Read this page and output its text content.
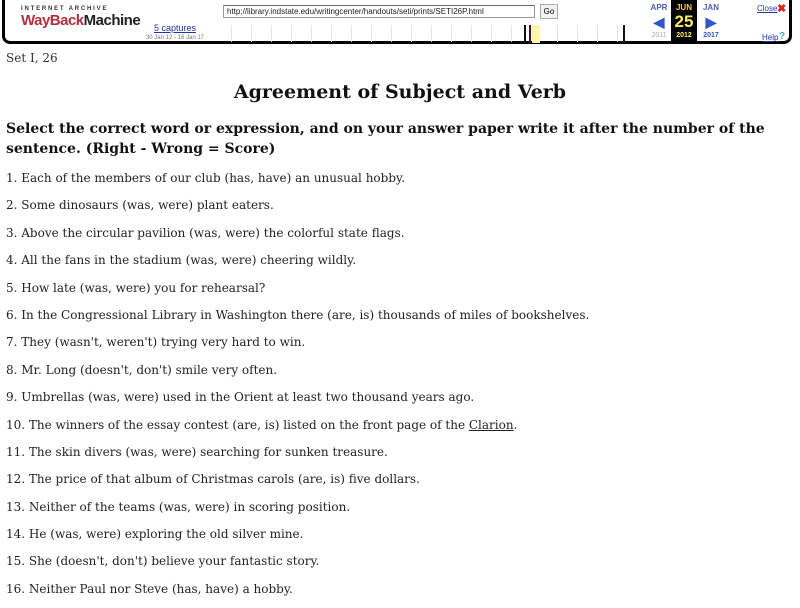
INTERNET ARCHIVE
WayBackMachine	5 captures
30 Jan 12 - 16 Jan 17
http://library.indstate.edu/writingcenter/handouts/seti/prints/SETI26P.html
Go	APR
◀
2011
JUN
25
2012
JAN
▶
2017
Close ✖
Help ?
Set I, 26
Agreement of Subject and Verb

Select the correct word or expression, and on your answer paper write it after the number of the sentence. (Right - Wrong = Score)

1. Each of the members of our club (has, have) an unusual hobby.
2. Some dinosaurs (was, were) plant eaters.
3. Above the circular pavilion (was, were) the colorful state flags.
4. All the fans in the stadium (was, were) cheering wildly.
5. How late (was, were) you for rehearsal?
6. In the Congressional Library in Washington there (are, is) thousands of miles of bookshelves.
7. They (wasn't, weren't) trying very hard to win.
8. Mr. Long (doesn't, don't) smile very often.
9. Umbrellas (was, were) used in the Orient at least two thousand years ago.
10. The winners of the essay contest (are, is) listed on the front page of the Clarion.
11. The skin divers (was, were) searching for sunken treasure.
12. The price of that album of Christmas carols (are, is) five dollars.
13. Neither of the teams (was, were) in scoring position.
14. He (was, were) exploring the old silver mine.
15. She (doesn't, don't) believe your fantastic story.
16. Neither Paul nor Steve (has, have) a hobby.
